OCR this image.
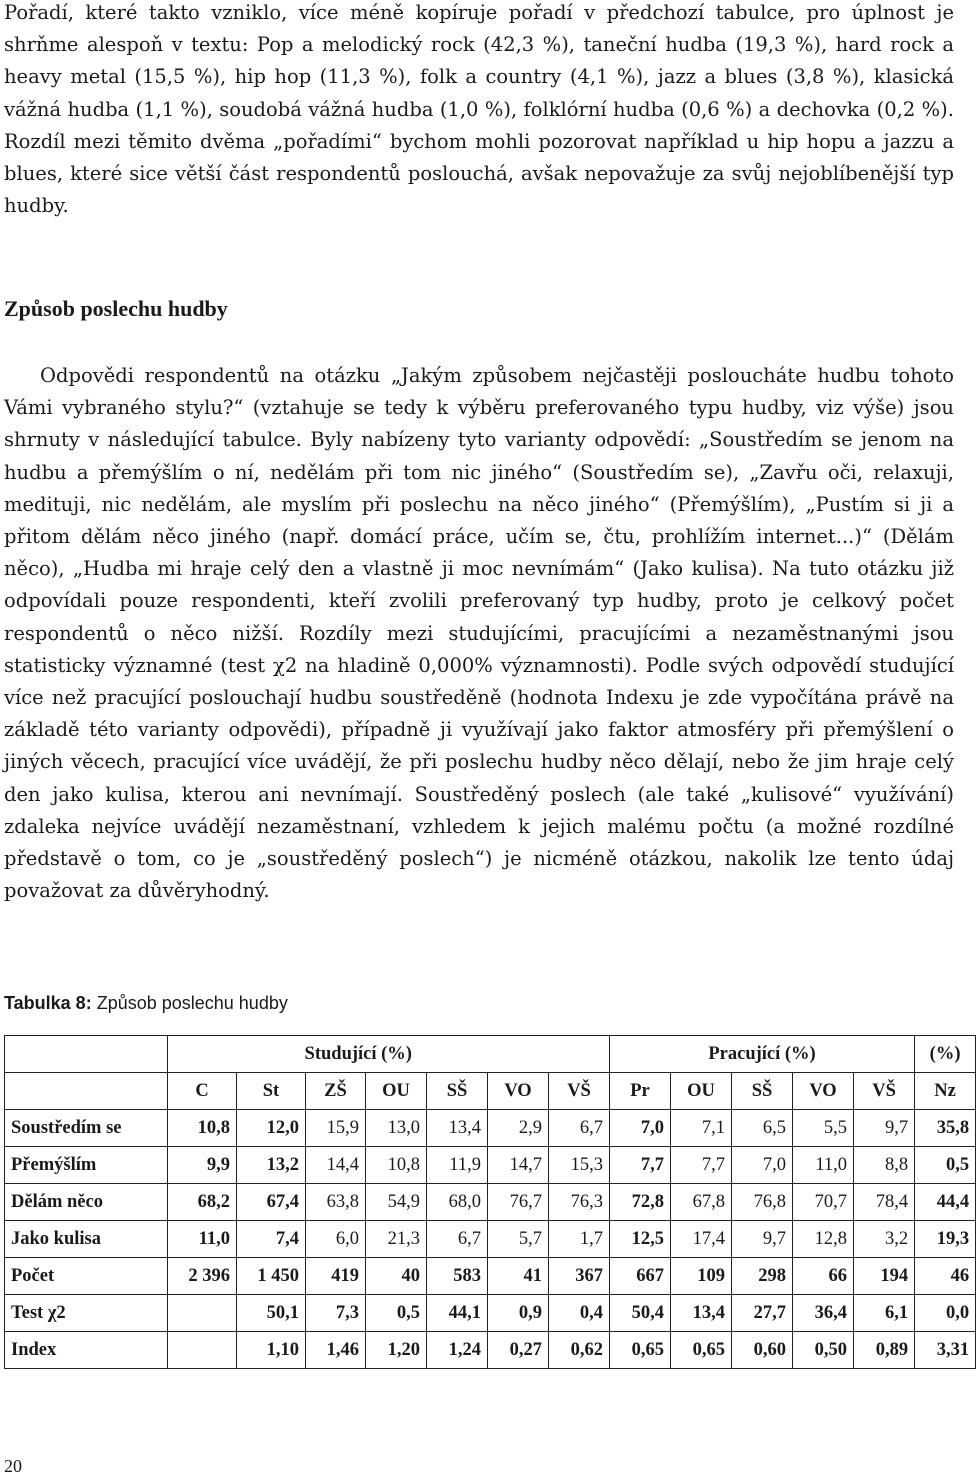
Pořadí, které takto vzniklo, více méně kopíruje pořadí v předchozí tabulce, pro úplnost je shrňme alespoň v textu: Pop a melodický rock (42,3 %), taneční hudba (19,3 %), hard rock a heavy metal (15,5 %), hip hop (11,3 %), folk a country (4,1 %), jazz a blues (3,8 %), klasická vážná hudba (1,1 %), soudobá vážná hudba (1,0 %), folklórní hudba (0,6 %) a dechovka (0,2 %). Rozdíl mezi těmito dvěma „pořadími“ bychom mohli pozorovat například u hip hopu a jazzu a blues, které sice větší část respondentů poslouchá, avšak nepovažuje za svůj nejoblíbenější typ hudby.

Způsob poslechu hudby

Odpovědi respondentů na otázku „Jakým způsobem nejčastěji posloucháte hudbu tohoto Vámi vybraného stylu?“ (vztahuje se tedy k výběru preferovaného typu hudby, viz výše) jsou shrnuty v následující tabulce. Byly nabízeny tyto varianty odpovědí: „Soustředím se jenom na hudbu a přemýšlím o ní, nedělám při tom nic jiného“ (Soustředím se), „Zavřu oči, relaxuji, medituji, nic nedělám, ale myslím při poslechu na něco jiného“ (Přemýšlím), „Pustím si ji a přitom dělám něco jiného (např. domácí práce, učím se, čtu, prohlížím internet...)“ (Dělám něco), „Hudba mi hraje celý den a vlastně ji moc nevnímám“ (Jako kulisa). Na tuto otázku již odpovídali pouze respondenti, kteří zvolili preferovaný typ hudby, proto je celkový počet respondentů o něco nižší. Rozdíly mezi studujícími, pracujícími a nezaměstnanými jsou statisticky významné (test χ2 na hladině 0,000% významnosti). Podle svých odpovědí studující více než pracující poslouchají hudbu soustředěně (hodnota Indexu je zde vypočítána právě na základě této varianty odpovědi), případně ji využívají jako faktor atmosféry při přemýšlení o jiných věcech, pracující více uvádějí, že při poslechu hudby něco dělají, nebo že jim hraje celý den jako kulisa, kterou ani nevnímají. Soustředěný poslech (ale také „kulisové“ využívání) zdaleka nejvíce uvádějí nezaměstnaní, vzhledem k jejich malému počtu (a možné rozdílné představě o tom, co je „soustředěný poslech“) je nicméně otázkou, nakolik lze tento údaj považovat za důvěryhodný.

Tabulka 8: Způsob poslechu hudby

	Studující (%)							Pracující (%)					(%)
	C	St	ZŠ	OU	SŠ	VO	VŠ	Pr	OU	SŠ	VO	VŠ	Nz
Soustředím se	10,8	12,0	15,9	13,0	13,4	2,9	6,7	7,0	7,1	6,5	5,5	9,7	35,8
Přemýšlím	9,9	13,2	14,4	10,8	11,9	14,7	15,3	7,7	7,7	7,0	11,0	8,8	0,5
Dělám něco	68,2	67,4	63,8	54,9	68,0	76,7	76,3	72,8	67,8	76,8	70,7	78,4	44,4
Jako kulisa	11,0	7,4	6,0	21,3	6,7	5,7	1,7	12,5	17,4	9,7	12,8	3,2	19,3
Počet	2 396	1 450	419	40	583	41	367	667	109	298	66	194	46
Test χ2		50,1	7,3	0,5	44,1	0,9	0,4	50,4	13,4	27,7	36,4	6,1	0,0
Index		1,10	1,46	1,20	1,24	0,27	0,62	0,65	0,65	0,60	0,50	0,89	3,31

20
